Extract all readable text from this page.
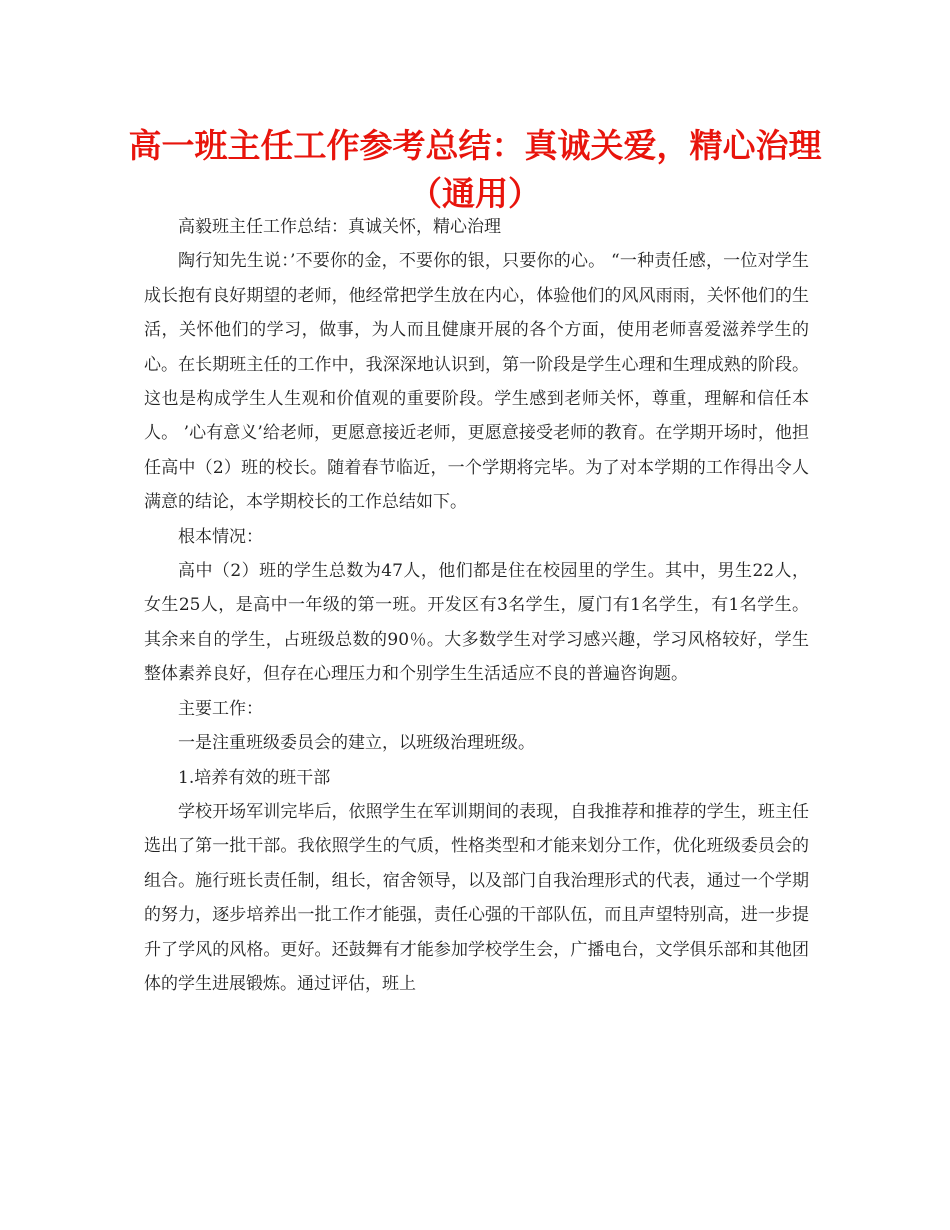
高一班主任工作参考总结：真诚关爱，精心治理
（通用）

高毅班主任工作总结：真诚关怀，精心治理

陶行知先生说：’不要你的金，不要你的银，只要你的心。 “一种责任感，一位对学生成长抱有良好期望的老师，他经常把学生放在内心，体验他们的风风雨雨，关怀他们的生活，关怀他们的学习，做事，为人而且健康开展的各个方面，使用老师喜爱滋养学生的心。在长期班主任的工作中，我深深地认识到，第一阶段是学生心理和生理成熟的阶段。这也是构成学生人生观和价值观的重要阶段。学生感到老师关怀，尊重，理解和信任本人。 ’心有意义’给老师，更愿意接近老师，更愿意接受老师的教育。在学期开场时，他担任高中（2）班的校长。随着春节临近，一个学期将完毕。为了对本学期的工作得出令人满意的结论，本学期校长的工作总结如下。

根本情况：

高中（2）班的学生总数为47人，他们都是住在校园里的学生。其中，男生22人，女生25人，是高中一年级的第一班。开发区有3名学生，厦门有1名学生，有1名学生。其余来自的学生，占班级总数的90％。大多数学生对学习感兴趣，学习风格较好，学生整体素养良好，但存在心理压力和个别学生生活适应不良的普遍咨询题。

主要工作：

一是注重班级委员会的建立，以班级治理班级。

1.培养有效的班干部

学校开场军训完毕后，依照学生在军训期间的表现，自我推荐和推荐的学生，班主任选出了第一批干部。我依照学生的气质，性格类型和才能来划分工作，优化班级委员会的组合。施行班长责任制，组长，宿舍领导，以及部门自我治理形式的代表，通过一个学期的努力，逐步培养出一批工作才能强，责任心强的干部队伍，而且声望特别高，进一步提升了学风的风格。更好。还鼓舞有才能参加学校学生会，广播电台，文学俱乐部和其他团体的学生进展锻炼。通过评估，班上
